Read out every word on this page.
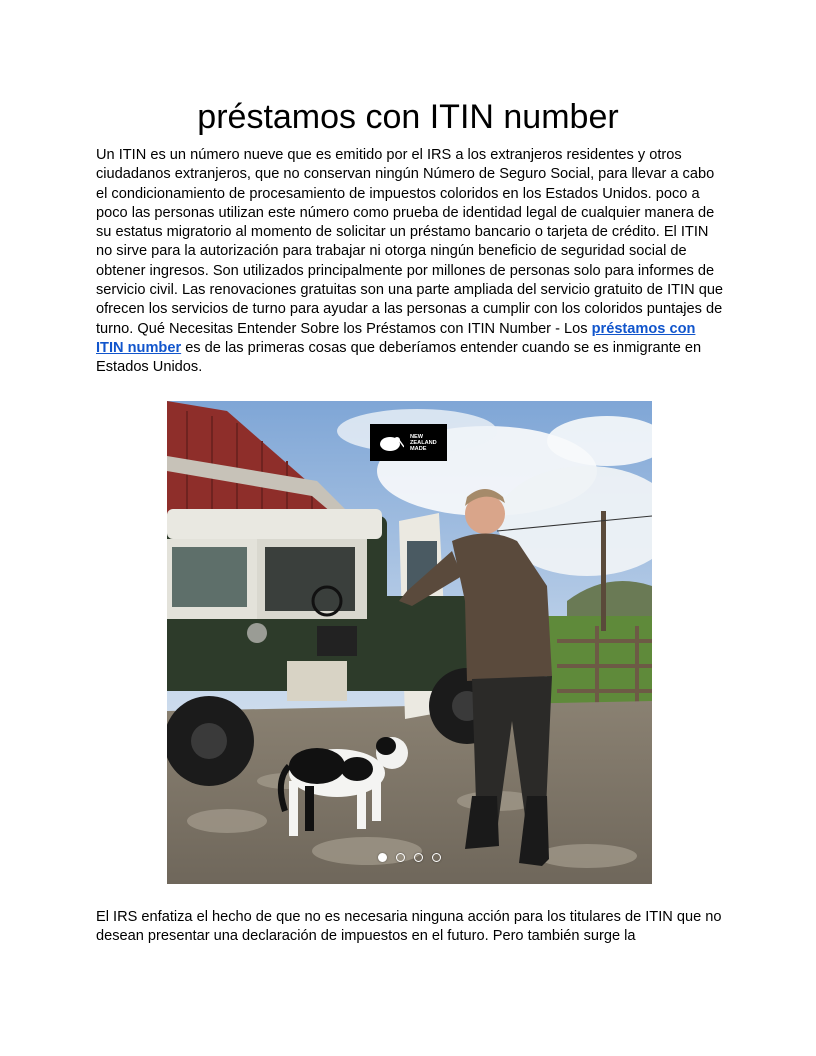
préstamos con ITIN number

Un ITIN es un número nueve que es emitido por el IRS a los extranjeros residentes y otros ciudadanos extranjeros, que no conservan ningún Número de Seguro Social, para llevar a cabo el condicionamiento de procesamiento de impuestos coloridos en los Estados Unidos. poco a poco las personas utilizan este número como prueba de identidad legal de cualquier manera de su estatus migratorio al momento de solicitar un préstamo bancario o tarjeta de crédito. El ITIN no sirve para la autorización para trabajar ni otorga ningún beneficio de seguridad social de obtener ingresos. Son utilizados principalmente por millones de personas solo para informes de servicio civil. Las renovaciones gratuitas son una parte ampliada del servicio gratuito de ITIN que ofrecen los servicios de turno para ayudar a las personas a cumplir con los coloridos puntajes de turno. Qué Necesitas Entender Sobre los Préstamos con ITIN Number - Los préstamos con ITIN number es de las primeras cosas que deberíamos entender cuando se es inmigrante en Estados Unidos.

NEW
ZEALAND
MADE

El IRS enfatiza el hecho de que no es necesaria ninguna acción para los titulares de ITIN que no desean presentar una declaración de impuestos en el futuro. Pero también surge la
